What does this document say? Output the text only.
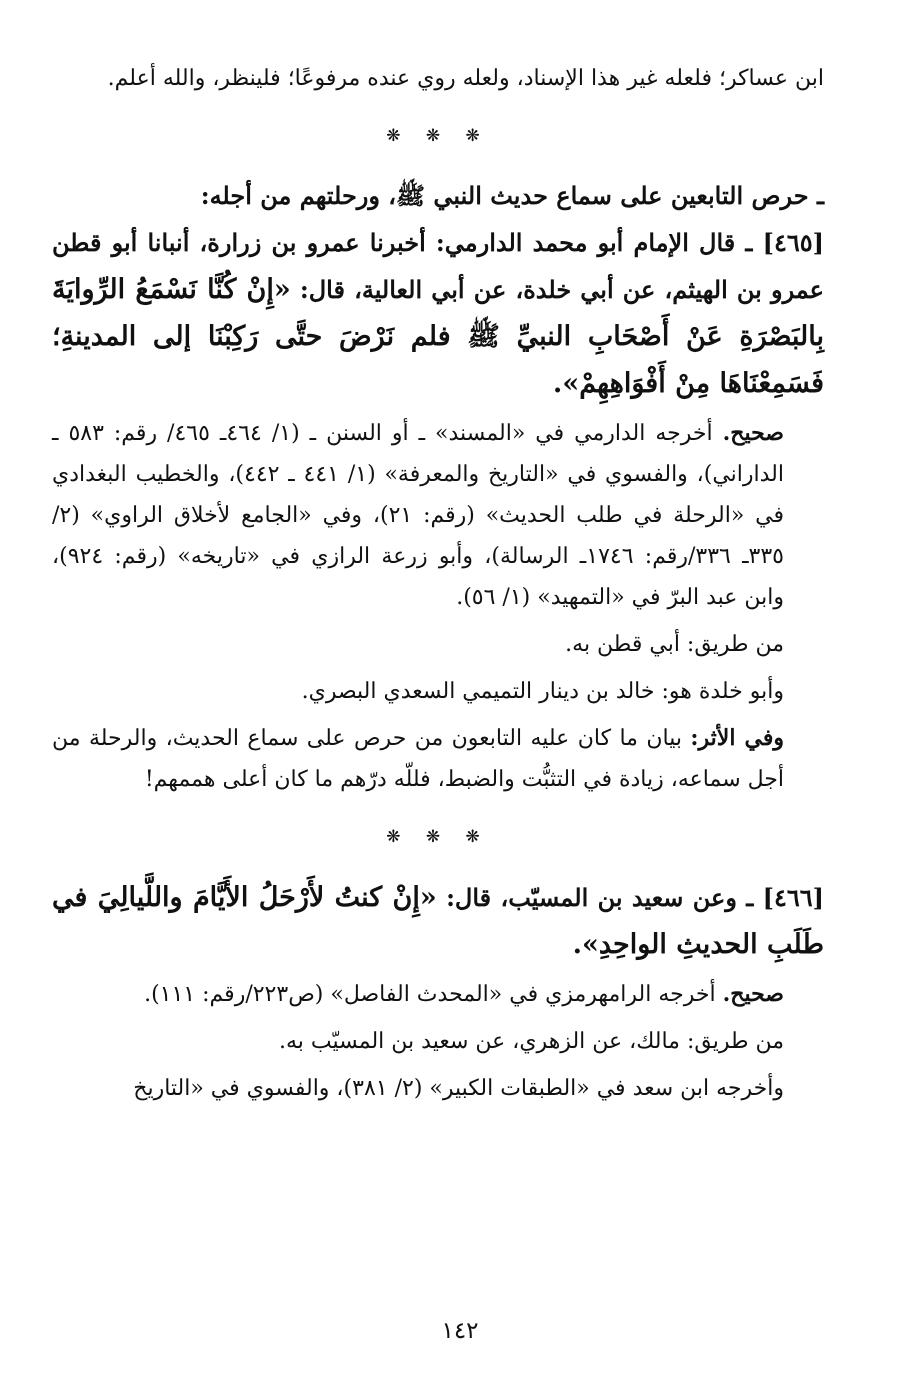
ابن عساكر؛ فلعله غير هذا الإسناد، ولعله روي عنده مرفوعًا؛ فلينظر، والله أعلم.

❋ ❋ ❋

ـ حرص التابعين على سماع حديث النبي ﷺ، ورحلتهم من أجله:

[٤٦٥] ـ قال الإمام أبو محمد الدارمي: أخبرنا عمرو بن زرارة، أنبانا أبو قطن عمرو بن الهيثم، عن أبي خلدة، عن أبي العالية، قال: «إِنْ كُنَّا نَسْمَعُ الرِّوايَةَ بِالبَصْرَةِ عَنْ أَصْحَابِ النبيِّ ﷺ فلم نَرْضَ حتَّى رَكِبْنَا إلى المدينةِ؛ فَسَمِعْنَاهَا مِنْ أَفْوَاهِهِمْ».

صحيح. أخرجه الدارمي في «المسند» ـ أو السنن ـ (١/ ٤٦٤ـ ٤٦٥/ رقم: ٥٨٣ ـ الداراني)، والفسوي في «التاريخ والمعرفة» (١/ ٤٤١ ـ ٤٤٢)، والخطيب البغدادي في «الرحلة في طلب الحديث» (رقم: ٢١)، وفي «الجامع لأخلاق الراوي» (٢/ ٣٣٥ـ ٣٣٦/رقم: ١٧٤٦ـ الرسالة)، وأبو زرعة الرازي في «تاريخه» (رقم: ٩٢٤)، وابن عبد البرّ في «التمهيد» (١/ ٥٦).

من طريق: أبي قطن به.

وأبو خلدة هو: خالد بن دينار التميمي السعدي البصري.

وفي الأثر: بيان ما كان عليه التابعون من حرص على سماع الحديث، والرحلة من أجل سماعه، زيادة في التثبُّت والضبط، فللّه درّهم ما كان أعلى هممهم!

❋ ❋ ❋

[٤٦٦] ـ وعن سعيد بن المسيّب، قال: «إِنْ كنتُ لأَرْحَلُ الأَيَّامَ واللَّيالِيَ في طَلَبِ الحديثِ الواحِدِ».

صحيح. أخرجه الرامهرمزي في «المحدث الفاصل» (ص٢٢٣/رقم: ١١١).

من طريق: مالك، عن الزهري، عن سعيد بن المسيّب به.

وأخرجه ابن سعد في «الطبقات الكبير» (٢/ ٣٨١)، والفسوي في «التاريخ

١٤٢
